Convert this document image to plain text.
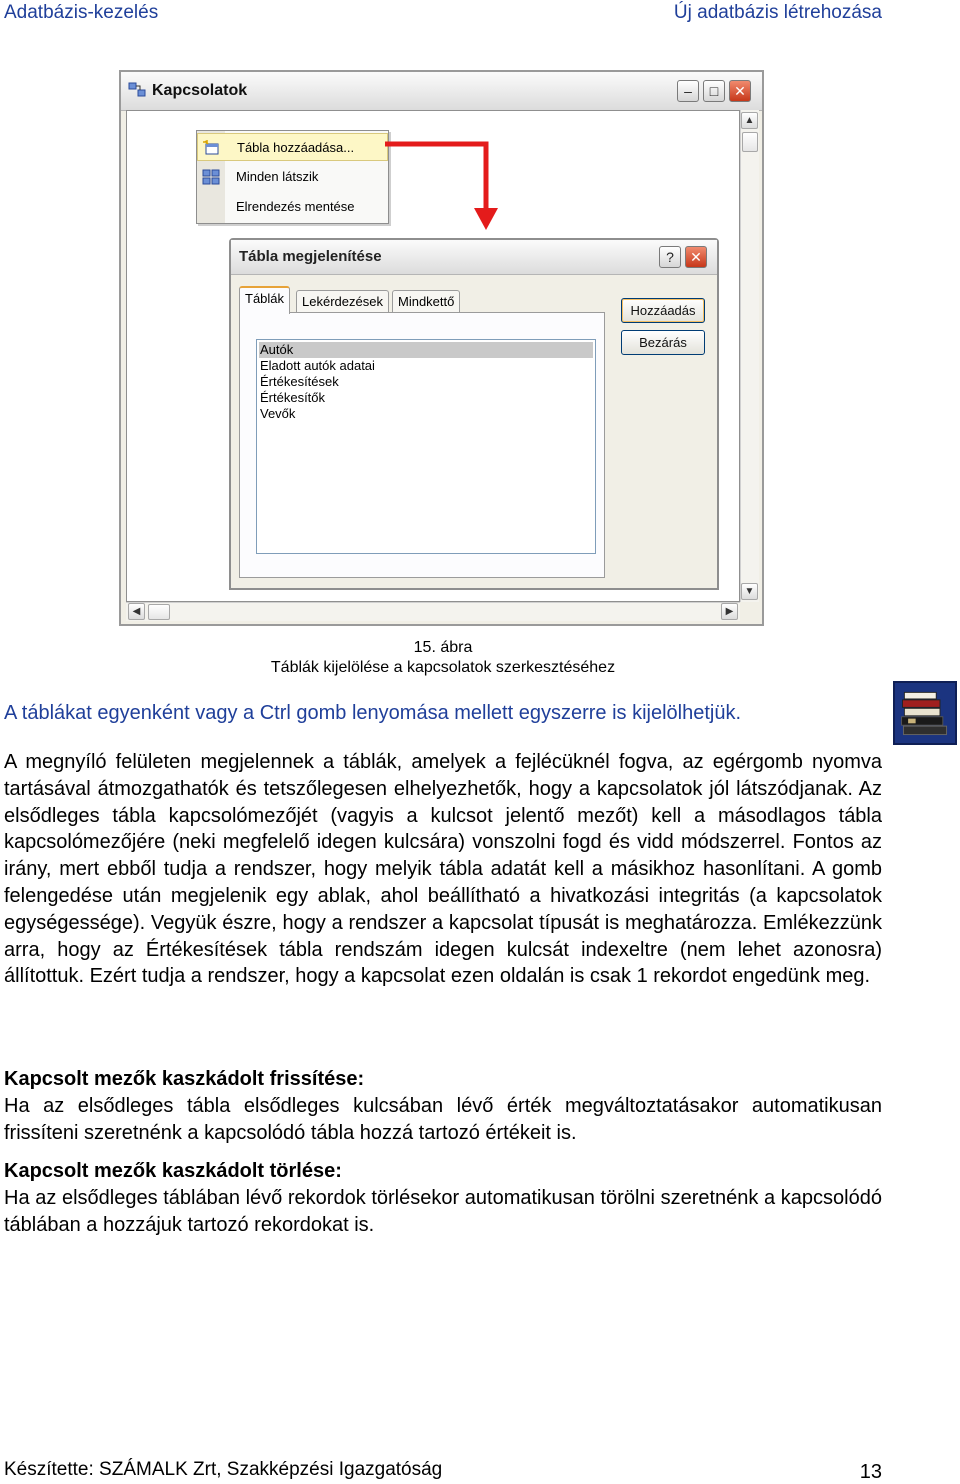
Adatbázis-kezelés	Új adatbázis létrehozása
Kapcsolatok	–	□	✕
▲
▼
◀	▶
Tábla hozzáadása...
Minden látszik
Elrendezés mentése
Tábla megjelenítése	?	✕
Táblák	Lekérdezések	Mindkettő
Autók
Eladott autók adatai
Értékesítések
Értékesítők
Vevők
Hozzáadás
Bezárás
15. ábra
Táblák kijelölése a kapcsolatok szerkesztéséhez
A táblákat egyenként vagy a Ctrl gomb lenyomása mellett egyszerre is kijelölhetjük.
A megnyíló felületen megjelennek a táblák, amelyek a fejlécüknél fogva, az egérgomb nyomva tartásával átmozgathatók és tetszőlegesen elhelyezhetők, hogy a kapcsolatok jól látszódjanak. Az elsődleges tábla kapcsolómezőjét (vagyis a kulcsot jelentő mezőt) kell a másodlagos tábla kapcsolómezőjére (neki megfelelő idegen kulcsára) vonszolni fogd és vidd módszerrel. Fontos az irány, mert ebből tudja a rendszer, hogy melyik tábla adatát kell a másikhoz hasonlítani. A gomb felengedése után megjelenik egy ablak, ahol beállítható a hivatkozási integritás (a kapcsolatok egységessége). Vegyük észre, hogy a rendszer a kapcsolat típusát is meghatározza. Emlékezzünk arra, hogy az Értékesítések tábla rendszám idegen kulcsát indexeltre (nem lehet azonosra) állítottuk. Ezért tudja a rendszer, hogy a kapcsolat ezen oldalán is csak 1 rekordot engedünk meg.
Kapcsolt mezők kaszkádolt frissítése:
Ha az elsődleges tábla elsődleges kulcsában lévő érték megváltoztatásakor automatikusan frissíteni szeretnénk a kapcsolódó tábla hozzá tartozó értékeit is.
Kapcsolt mezők kaszkádolt törlése:
Ha az elsődleges táblában lévő rekordok törlésekor automatikusan törölni szeretnénk a kapcsolódó táblában a hozzájuk tartozó rekordokat is.
Készítette: SZÁMALK Zrt, Szakképzési Igazgatóság	13
